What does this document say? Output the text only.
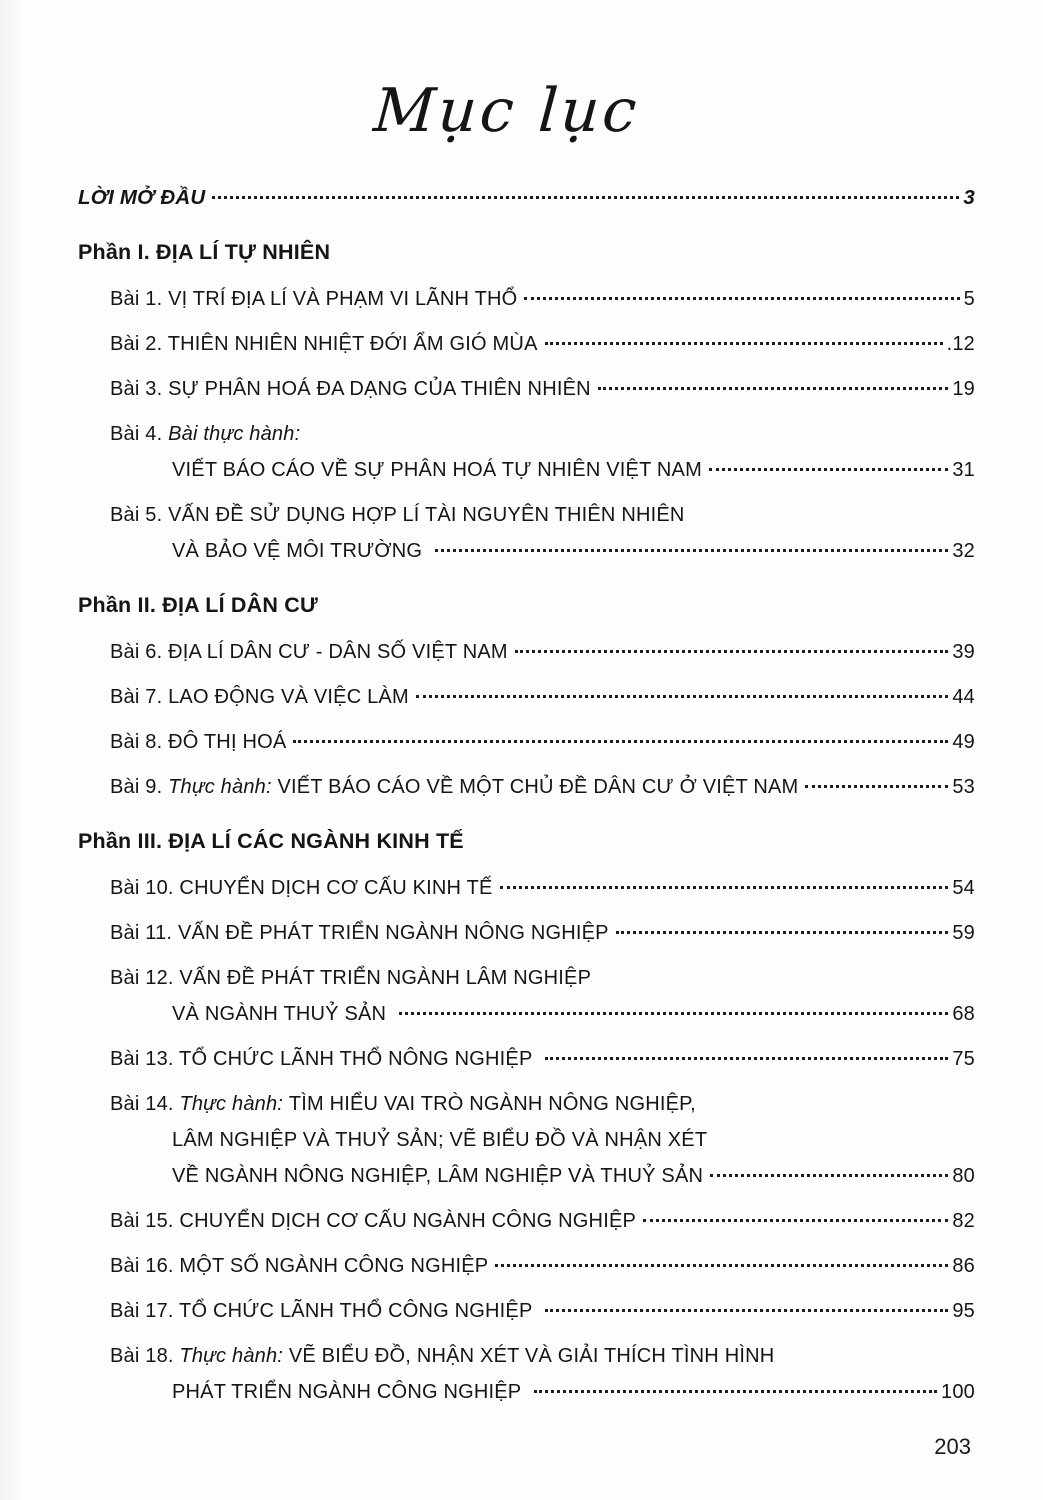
Mục lục
LỜI MỞ ĐẦU	3
Phần I. ĐỊA LÍ TỰ NHIÊN
Bài 1. VỊ TRÍ ĐỊA LÍ VÀ PHẠM VI LÃNH THỔ	5
Bài 2. THIÊN NHIÊN NHIỆT ĐỚI ẨM GIÓ MÙA	.12
Bài 3. SỰ PHÂN HOÁ ĐA DẠNG CỦA THIÊN NHIÊN	19
Bài 4. Bài thực hành:
VIẾT BÁO CÁO VỀ SỰ PHÂN HOÁ TỰ NHIÊN VIỆT NAM	31
Bài 5. VẤN ĐỀ SỬ DỤNG HỢP LÍ TÀI NGUYÊN THIÊN NHIÊN
VÀ BẢO VỆ MÔI TRƯỜNG	32
Phần II. ĐỊA LÍ DÂN CƯ
Bài 6. ĐỊA LÍ DÂN CƯ - DÂN SỐ VIỆT NAM	39
Bài 7. LAO ĐỘNG VÀ VIỆC LÀM	44
Bài 8. ĐÔ THỊ HOÁ	49
Bài 9. Thực hành: VIẾT BÁO CÁO VỀ MỘT CHỦ ĐỀ DÂN CƯ Ở VIỆT NAM	53
Phần III. ĐỊA LÍ CÁC NGÀNH KINH TẾ
Bài 10. CHUYỂN DỊCH CƠ CẤU KINH TẾ	54
Bài 11. VẤN ĐỀ PHÁT TRIỂN NGÀNH NÔNG NGHIỆP	59
Bài 12. VẤN ĐỀ PHÁT TRIỂN NGÀNH LÂM NGHIỆP
VÀ NGÀNH THUỶ SẢN	68
Bài 13. TỔ CHỨC LÃNH THỔ NÔNG NGHIỆP	75
Bài 14. Thực hành: TÌM HIỂU VAI TRÒ NGÀNH NÔNG NGHIỆP,
LÂM NGHIỆP VÀ THUỶ SẢN; VẼ BIỂU ĐỒ VÀ NHẬN XÉT
VỀ NGÀNH NÔNG NGHIỆP, LÂM NGHIỆP VÀ THUỶ SẢN	80
Bài 15. CHUYỂN DỊCH CƠ CẤU NGÀNH CÔNG NGHIỆP	82
Bài 16. MỘT SỐ NGÀNH CÔNG NGHIỆP	86
Bài 17. TỔ CHỨC LÃNH THỔ CÔNG NGHIỆP	95
Bài 18. Thực hành: VẼ BIỂU ĐỒ, NHẬN XÉT VÀ GIẢI THÍCH TÌNH HÌNH
PHÁT TRIỂN NGÀNH CÔNG NGHIỆP	100
203
